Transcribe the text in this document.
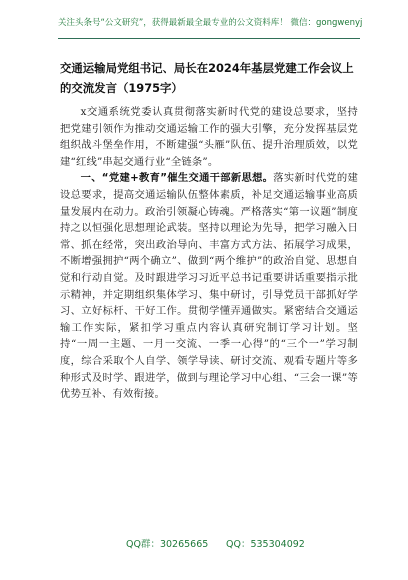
关注头条号“公文研究”，获得最新最全最专业的公文资料库！ 微信：gongwenyj
交通运输局党组书记、局长在2024年基层党建工作会议上的交流发言（1975字）

x交通系统党委认真贯彻落实新时代党的建设总要求，坚持把党建引领作为推动交通运输工作的强大引擎，充分发挥基层党组织战斗堡垒作用，不断建强“头雁”队伍、提升治理质效，以党建“红线”串起交通行业“全链条”。

一、“党建+教育”催生交通干部新思想。落实新时代党的建设总要求，提高交通运输队伍整体素质，补足交通运输事业高质量发展内在动力。政治引领凝心铸魂。严格落实“第一议题”制度持之以恒强化思想理论武装。坚持以理论为先导，把学习融入日常、抓在经常，突出政治导向、丰富方式方法、拓展学习成果，不断增强拥护“两个确立”、做到“两个维护”的政治自觉、思想自觉和行动自觉。及时跟进学习习近平总书记重要讲话重要指示批示精神，并定期组织集体学习、集中研讨，引导党员干部抓好学习、立好标杆、干好工作。贯彻学懂弄通做实。紧密结合交通运输工作实际，紧扣学习重点内容认真研究制订学习计划。坚持“一周一主题、一月一交流、一季一心得”的“三个一”学习制度，综合采取个人自学、领学导读、研讨交流、观看专题片等多种形式及时学、跟进学，做到与理论学习中心组、“三会一课”等优势互补、有效衔接。

QQ群：30265665 QQ：535304092
